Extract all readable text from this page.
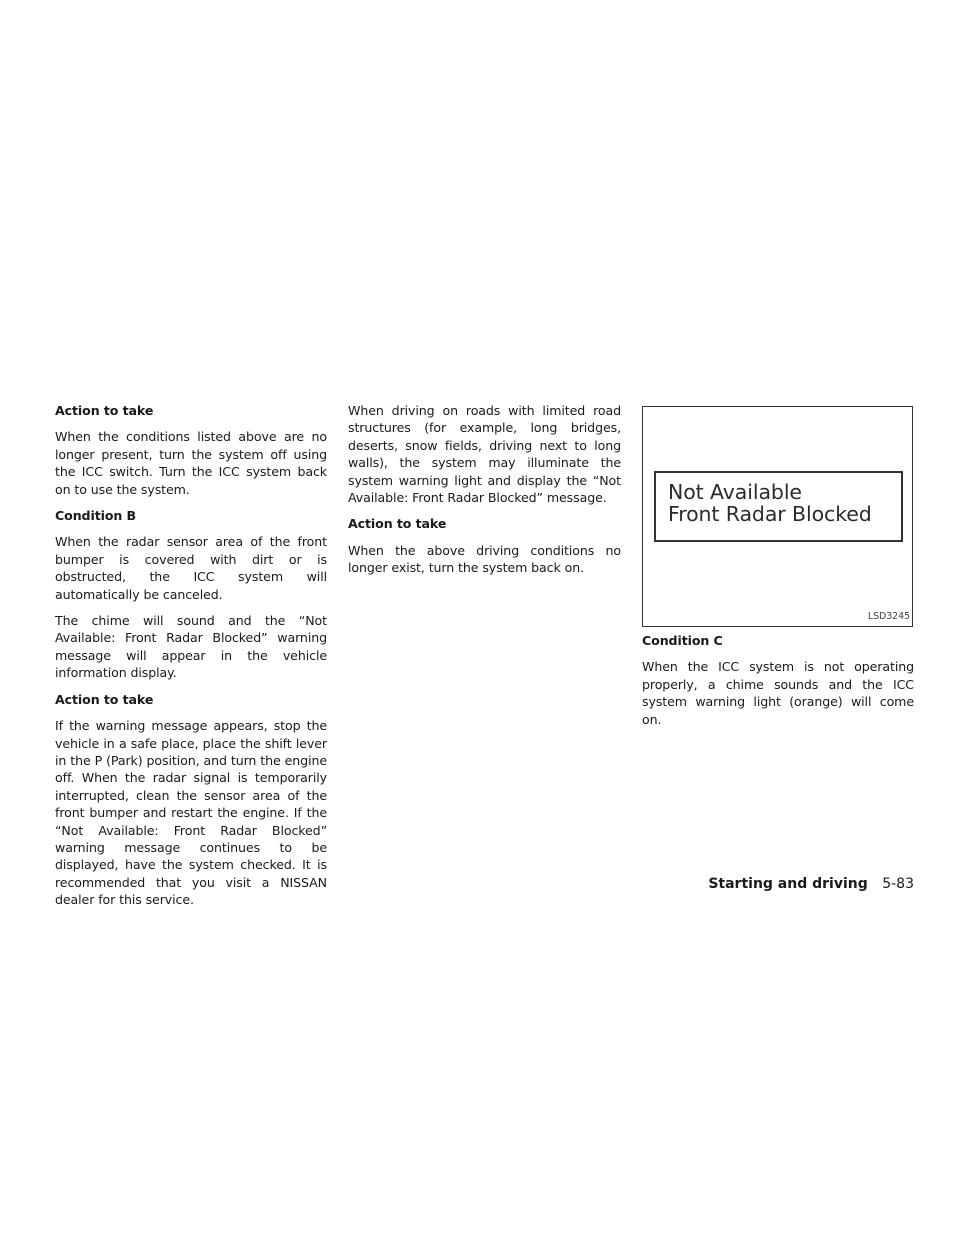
Action to take

When the conditions listed above are no longer present, turn the system off using the ICC switch. Turn the ICC system back on to use the system.

Condition B

When the radar sensor area of the front bumper is covered with dirt or is obstructed, the ICC system will automatically be canceled.

The chime will sound and the “Not Available: Front Radar Blocked” warning message will appear in the vehicle information display.

Action to take

If the warning message appears, stop the vehicle in a safe place, place the shift lever in the P (Park) position, and turn the engine off. When the radar signal is temporarily interrupted, clean the sensor area of the front bumper and restart the engine. If the “Not Available: Front Radar Blocked” warning message continues to be displayed, have the system checked. It is recommended that you visit a NISSAN dealer for this service.

When driving on roads with limited road structures (for example, long bridges, deserts, snow fields, driving next to long walls), the system may illuminate the system warning light and display the “Not Available: Front Radar Blocked” message.

Action to take

When the above driving conditions no longer exist, turn the system back on.

Not Available
Front Radar Blocked
LSD3245
Condition C

When the ICC system is not operating properly, a chime sounds and the ICC system warning light (orange) will come on.

Starting and driving 5-83
